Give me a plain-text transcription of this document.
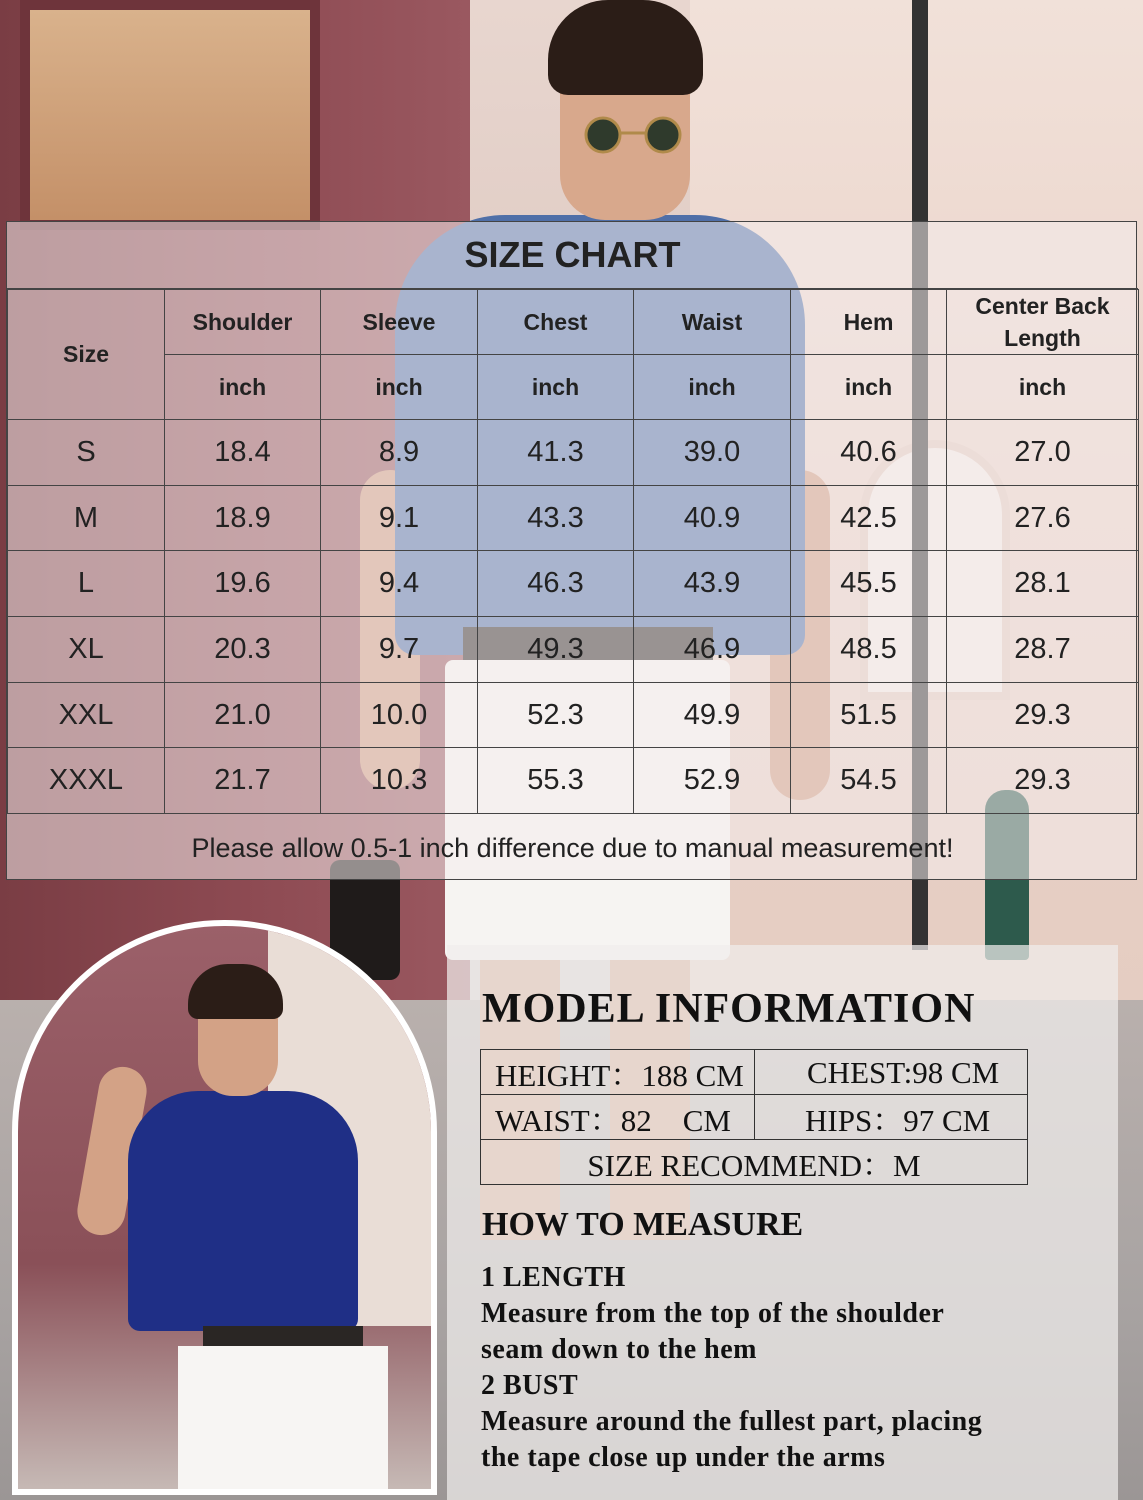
SIZE CHART
Size	Shoulder	Sleeve	Chest	Waist	Hem	Center Back Length
	inch	inch	inch	inch	inch	inch
S	18.4	8.9	41.3	39.0	40.6	27.0
M	18.9	9.1	43.3	40.9	42.5	27.6
L	19.6	9.4	46.3	43.9	45.5	28.1
XL	20.3	9.7	49.3	46.9	48.5	28.7
XXL	21.0	10.0	52.3	49.9	51.5	29.3
XXXL	21.7	10.3	55.3	52.9	54.5	29.3
Please allow 0.5-1 inch difference due to manual measurement!
MODEL INFORMATION
HEIGHT：188 CM CHEST:98 CM
WAIST：82　CM HIPS：97 CM
SIZE RECOMMEND：M
HOW TO MEASURE
1 LENGTH
Measure from the top of the shoulder
seam down to the hem
2 BUST
Measure around the fullest part, placing
the tape close up under the arms
